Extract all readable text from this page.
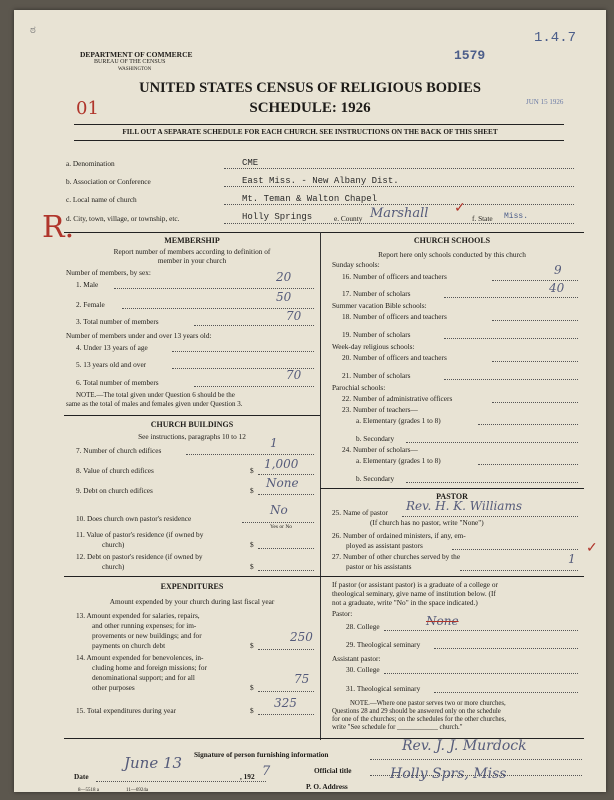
ಠ
1579
1.4.7
JUN 15 1926
01
R.
DEPARTMENT OF COMMERCE
BUREAU OF THE CENSUS
WASHINGTON
UNITED STATES CENSUS OF RELIGIOUS BODIES
SCHEDULE: 1926
FILL OUT A SEPARATE SCHEDULE FOR EACH CHURCH. SEE INSTRUCTIONS ON THE BACK OF THIS SHEET
a. Denomination	CME
b. Association or Conference	East Miss. - New Albany Dist.
c. Local name of church	Mt. Teman & Walton Chapel
d. City, town, village, or township, etc.	Holly Springs	e. County Marshall ✓
f. State Miss.
MEMBERSHIP
Report number of members according to definition of
member in your church
Number of members, by sex:
1. Male
20
2. Female
50
3. Total number of members	70
Number of members under and over 13 years old:
4. Under 13 years of age
5. 13 years old and over
6. Total number of members
70
NOTE.—The total given under Question 6 should be the
same as the total of males and females given under Question 3.
CHURCH BUILDINGS
See instructions, paragraphs 10 to 12
7. Number of church edifices
1
8. Value of church edifices	$ 1,000
9. Debt on church edifices	$
None
10. Does church own pastor's residence
No
Yes or No
11. Value of pastor's residence (if owned by
church)	$
12. Debt on pastor's residence (if owned by
church)	$
EXPENDITURES
Amount expended by your church during last fiscal year
13. Amount expended for salaries, repairs,
and other running expenses; for im-
provements or new buildings; and for
payments on church debt	$
250
14. Amount expended for benevolences, in-
cluding home and foreign missions; for
denominational support; and for all
other purposes	$
75
15. Total expenditures during year	$
325
CHURCH SCHOOLS
Report here only schools conducted by this church
Sunday schools:
16. Number of officers and teachers	9
17. Number of scholars	40
Summer vacation Bible schools:
18. Number of officers and teachers
19. Number of scholars
Week-day religious schools:
20. Number of officers and teachers
21. Number of scholars
Parochial schools:
22. Number of administrative officers
23. Number of teachers—
a. Elementary (grades 1 to 8)
b. Secondary
24. Number of scholars—
a. Elementary (grades 1 to 8)
b. Secondary
PASTOR
25. Name of pastor Rev. H. K. Williams
(If church has no pastor, write "None")
26. Number of ordained ministers, if any, em-
ployed as assistant pastors
27. Number of other churches served by the
pastor or his assistants
1
✓
If pastor (or assistant pastor) is a graduate of a college or
theological seminary, give name of institution below. (If
not a graduate, write "No" in the space indicated.)
Pastor:
28. College	None
29. Theological seminary
Assistant pastor:
30. College
31. Theological seminary
NOTE.—Where one pastor serves two or more churches,
Questions 28 and 29 should be answered only on the schedule
for one of the churches; on the schedules for the other churches,
write "See schedule for ____________ church."
Signature of person furnishing information
Rev. J. J. Murdock
Official title
P. O. Address
Holly Sprs, Miss
Date
June 13
, 192 7
8—5518 a	11—6924a
